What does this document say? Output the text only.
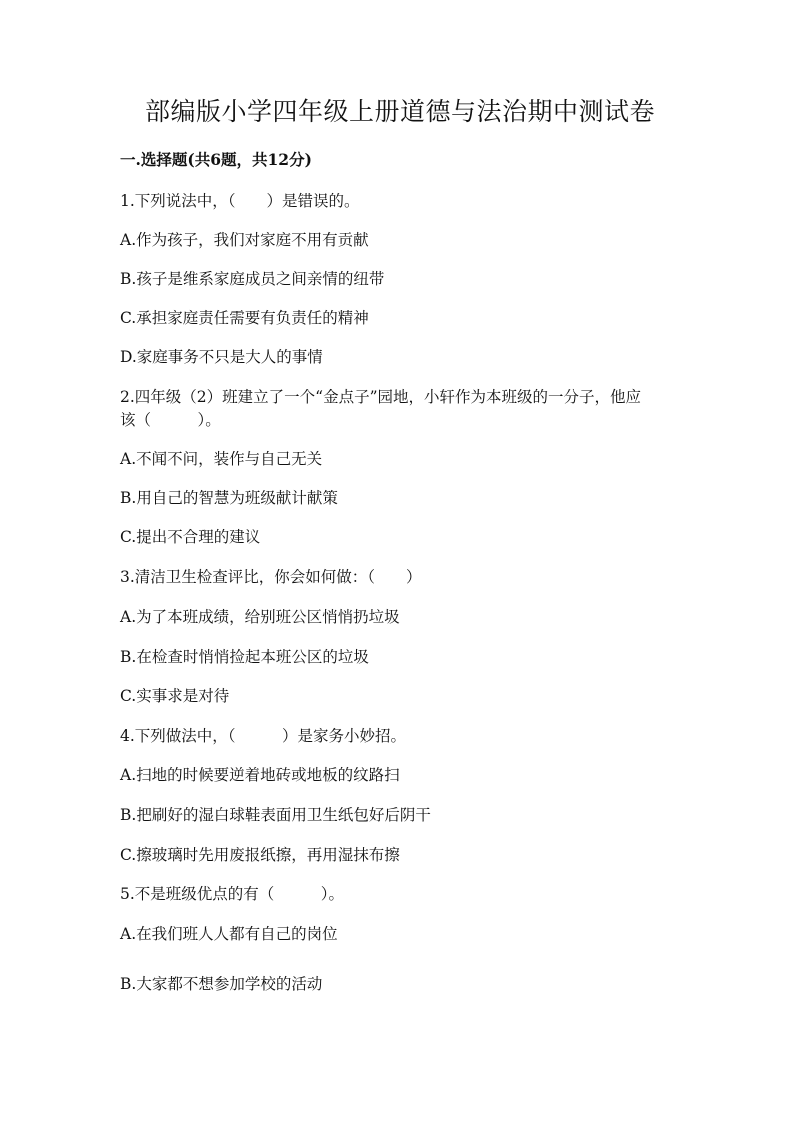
部编版小学四年级上册道德与法治期中测试卷
一.选择题(共6题，共12分)
1.下列说法中，（　　）是错误的。
A.作为孩子，我们对家庭不用有贡献
B.孩子是维系家庭成员之间亲情的纽带
C.承担家庭责任需要有负责任的精神
D.家庭事务不只是大人的事情
2.四年级（2）班建立了一个“金点子”园地，小轩作为本班级的一分子，他应
该（　　　）。
A.不闻不问，装作与自己无关
B.用自己的智慧为班级献计献策
C.提出不合理的建议
3.清洁卫生检查评比，你会如何做：（　　）
A.为了本班成绩，给别班公区悄悄扔垃圾
B.在检查时悄悄捡起本班公区的垃圾
C.实事求是对待
4.下列做法中，（　　　）是家务小妙招。
A.扫地的时候要逆着地砖或地板的纹路扫
B.把刷好的湿白球鞋表面用卫生纸包好后阴干
C.擦玻璃时先用废报纸擦，再用湿抹布擦
5.不是班级优点的有（　　　）。
A.在我们班人人都有自己的岗位
B.大家都不想参加学校的活动
